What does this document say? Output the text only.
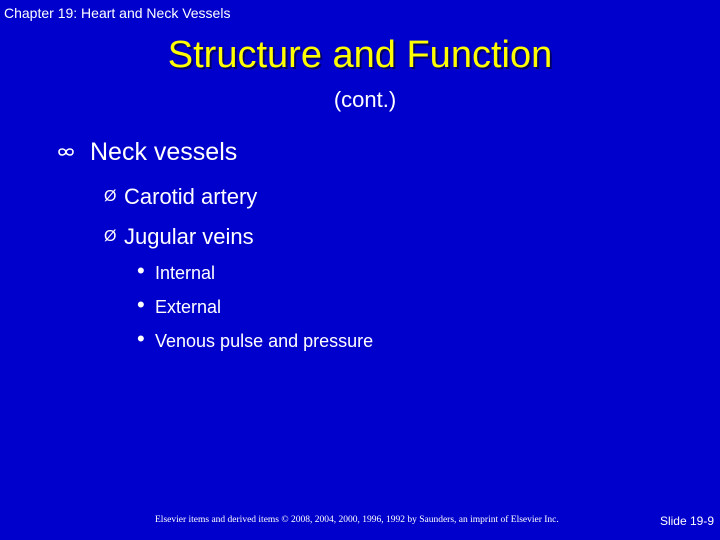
Chapter 19: Heart and Neck Vessels
Structure and Function
(cont.)
Neck vessels
Ø Carotid artery
Ø Jugular veins
• Internal
• External
• Venous pulse and pressure
Elsevier items and derived items © 2008, 2004, 2000, 1996, 1992 by Saunders, an imprint of Elsevier Inc.	Slide 19-9
